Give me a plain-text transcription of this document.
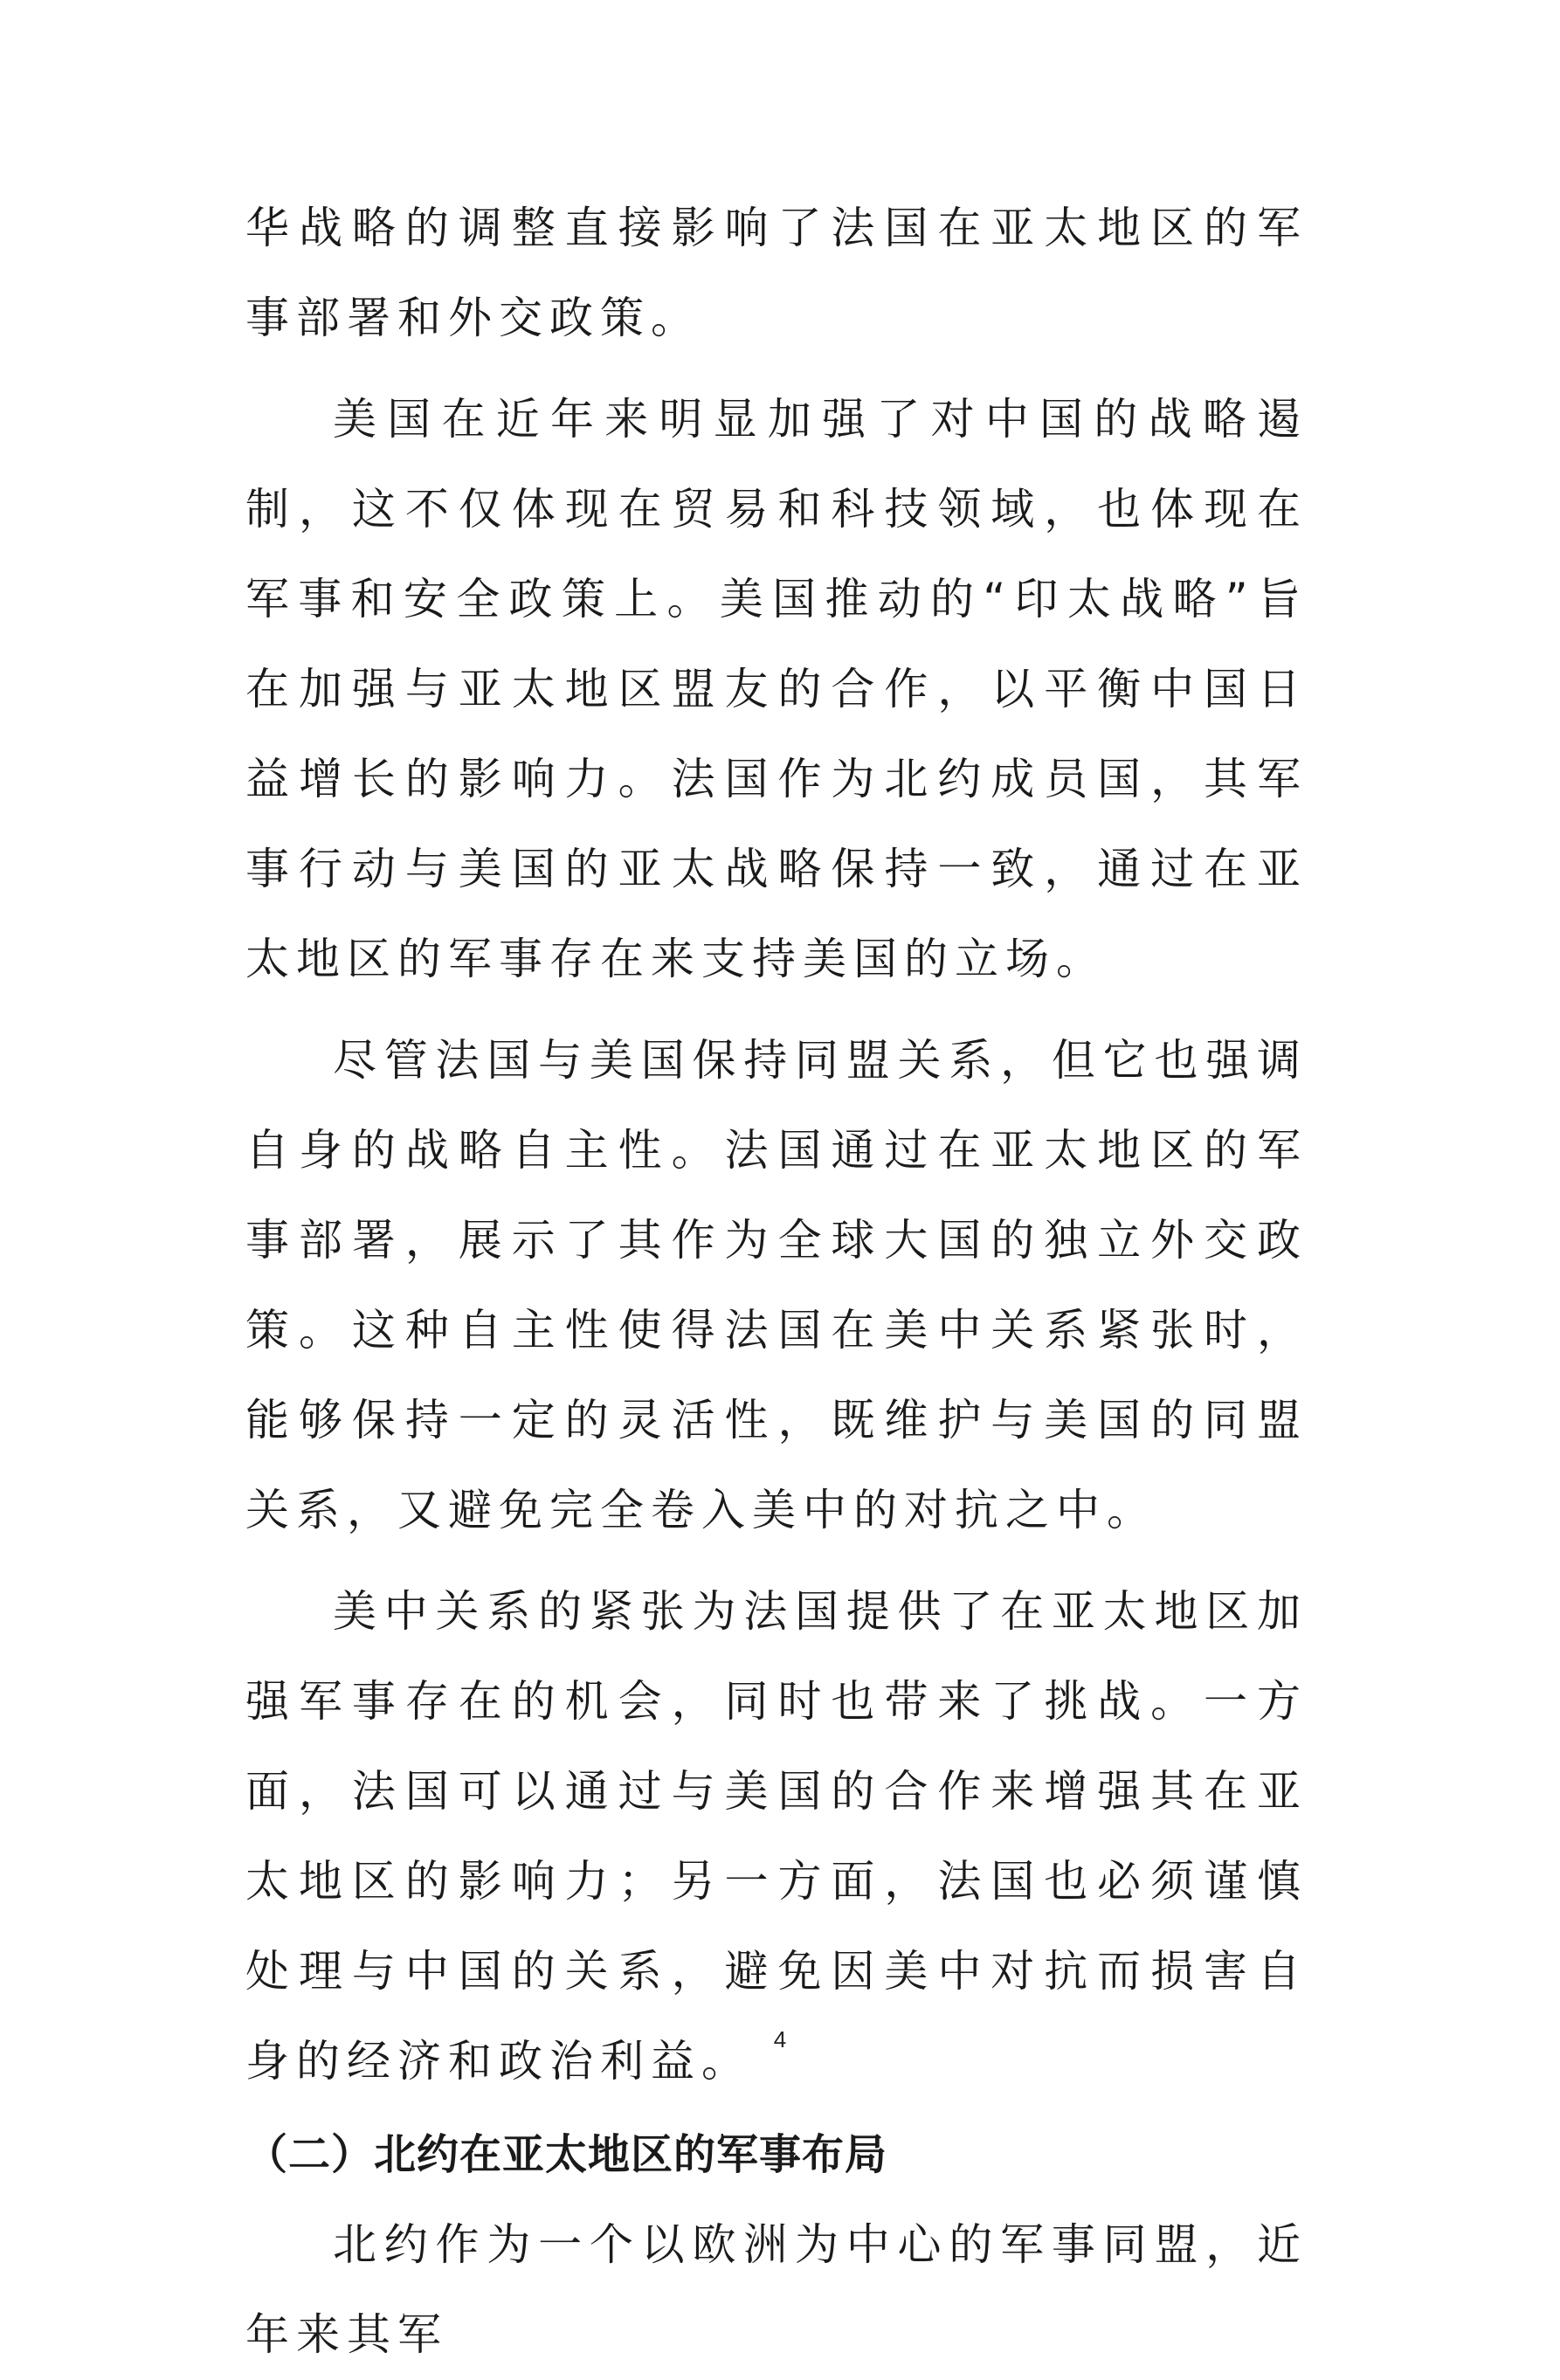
华战略的调整直接影响了法国在亚太地区的军事部署和外交政策。

美国在近年来明显加强了对中国的战略遏制，这不仅体现在贸易和科技领域，也体现在军事和安全政策上。美国推动的“印太战略”旨在加强与亚太地区盟友的合作，以平衡中国日益增长的影响力。法国作为北约成员国，其军事行动与美国的亚太战略保持一致，通过在亚太地区的军事存在来支持美国的立场。

尽管法国与美国保持同盟关系，但它也强调自身的战略自主性。法国通过在亚太地区的军事部署，展示了其作为全球大国的独立外交政策。这种自主性使得法国在美中关系紧张时，能够保持一定的灵活性，既维护与美国的同盟关系，又避免完全卷入美中的对抗之中。

美中关系的紧张为法国提供了在亚太地区加强军事存在的机会，同时也带来了挑战。一方面，法国可以通过与美国的合作来增强其在亚太地区的影响力；另一方面，法国也必须谨慎处理与中国的关系，避免因美中对抗而损害自身的经济和政治利益。

（二）北约在亚太地区的军事布局

北约作为一个以欧洲为中心的军事同盟，近年来其军

4
